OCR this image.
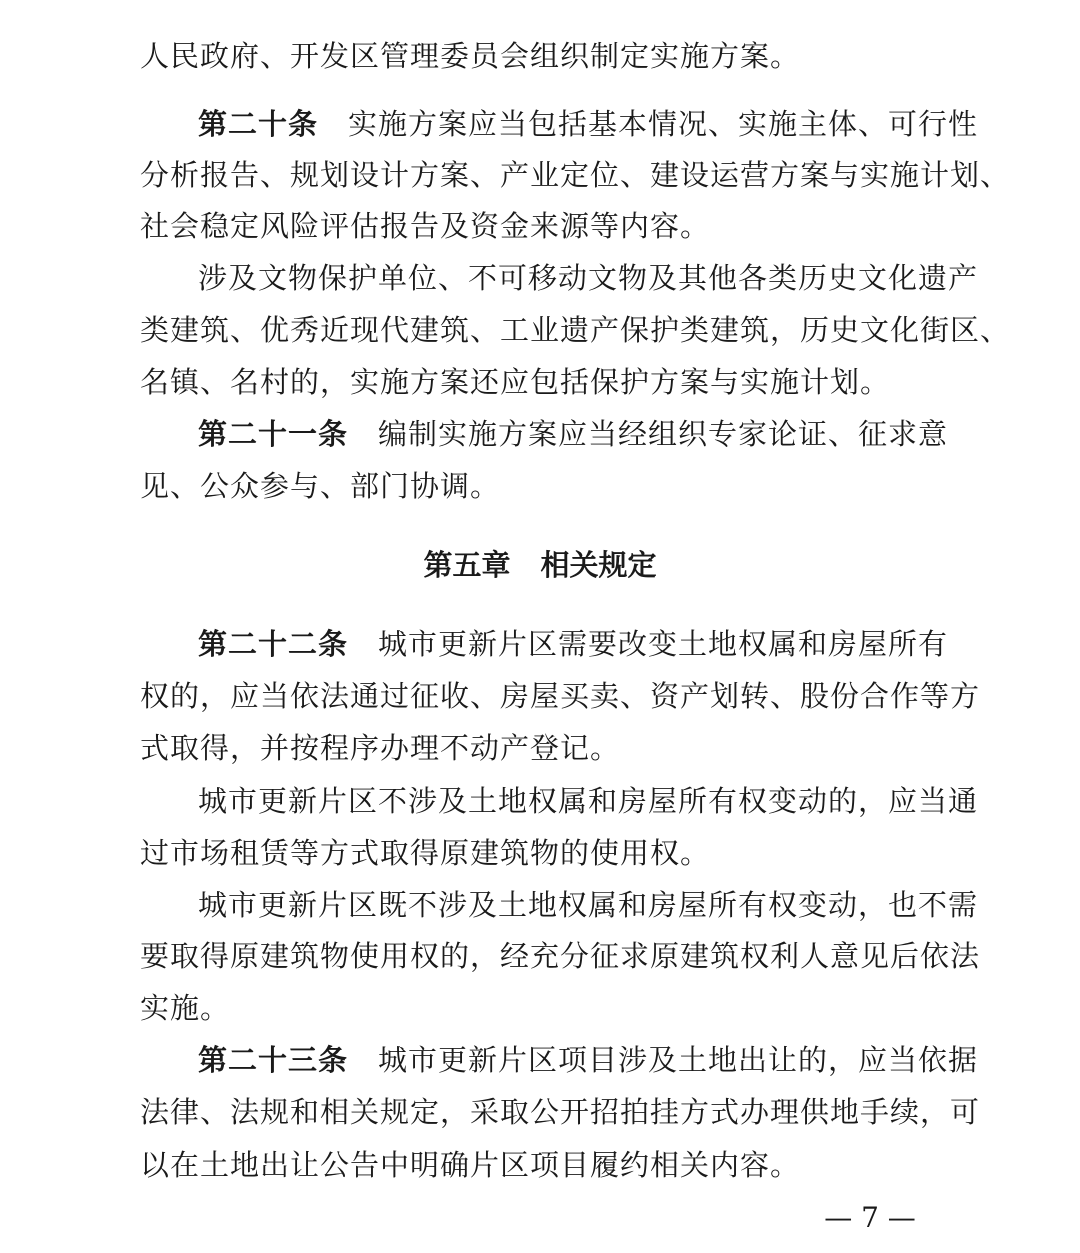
人民政府、开发区管理委员会组织制定实施方案。
第二十条 实施方案应当包括基本情况、实施主体、可行性
分析报告、规划设计方案、产业定位、建设运营方案与实施计划、
社会稳定风险评估报告及资金来源等内容。
涉及文物保护单位、不可移动文物及其他各类历史文化遗产
类建筑、优秀近现代建筑、工业遗产保护类建筑，历史文化街区、
名镇、名村的，实施方案还应包括保护方案与实施计划。
第二十一条 编制实施方案应当经组织专家论证、征求意
见、公众参与、部门协调。
第五章 相关规定
第二十二条 城市更新片区需要改变土地权属和房屋所有
权的，应当依法通过征收、房屋买卖、资产划转、股份合作等方
式取得，并按程序办理不动产登记。
城市更新片区不涉及土地权属和房屋所有权变动的，应当通
过市场租赁等方式取得原建筑物的使用权。
城市更新片区既不涉及土地权属和房屋所有权变动，也不需
要取得原建筑物使用权的，经充分征求原建筑权利人意见后依法
实施。
第二十三条 城市更新片区项目涉及土地出让的，应当依据
法律、法规和相关规定，采取公开招拍挂方式办理供地手续，可
以在土地出让公告中明确片区项目履约相关内容。
— 7 —
